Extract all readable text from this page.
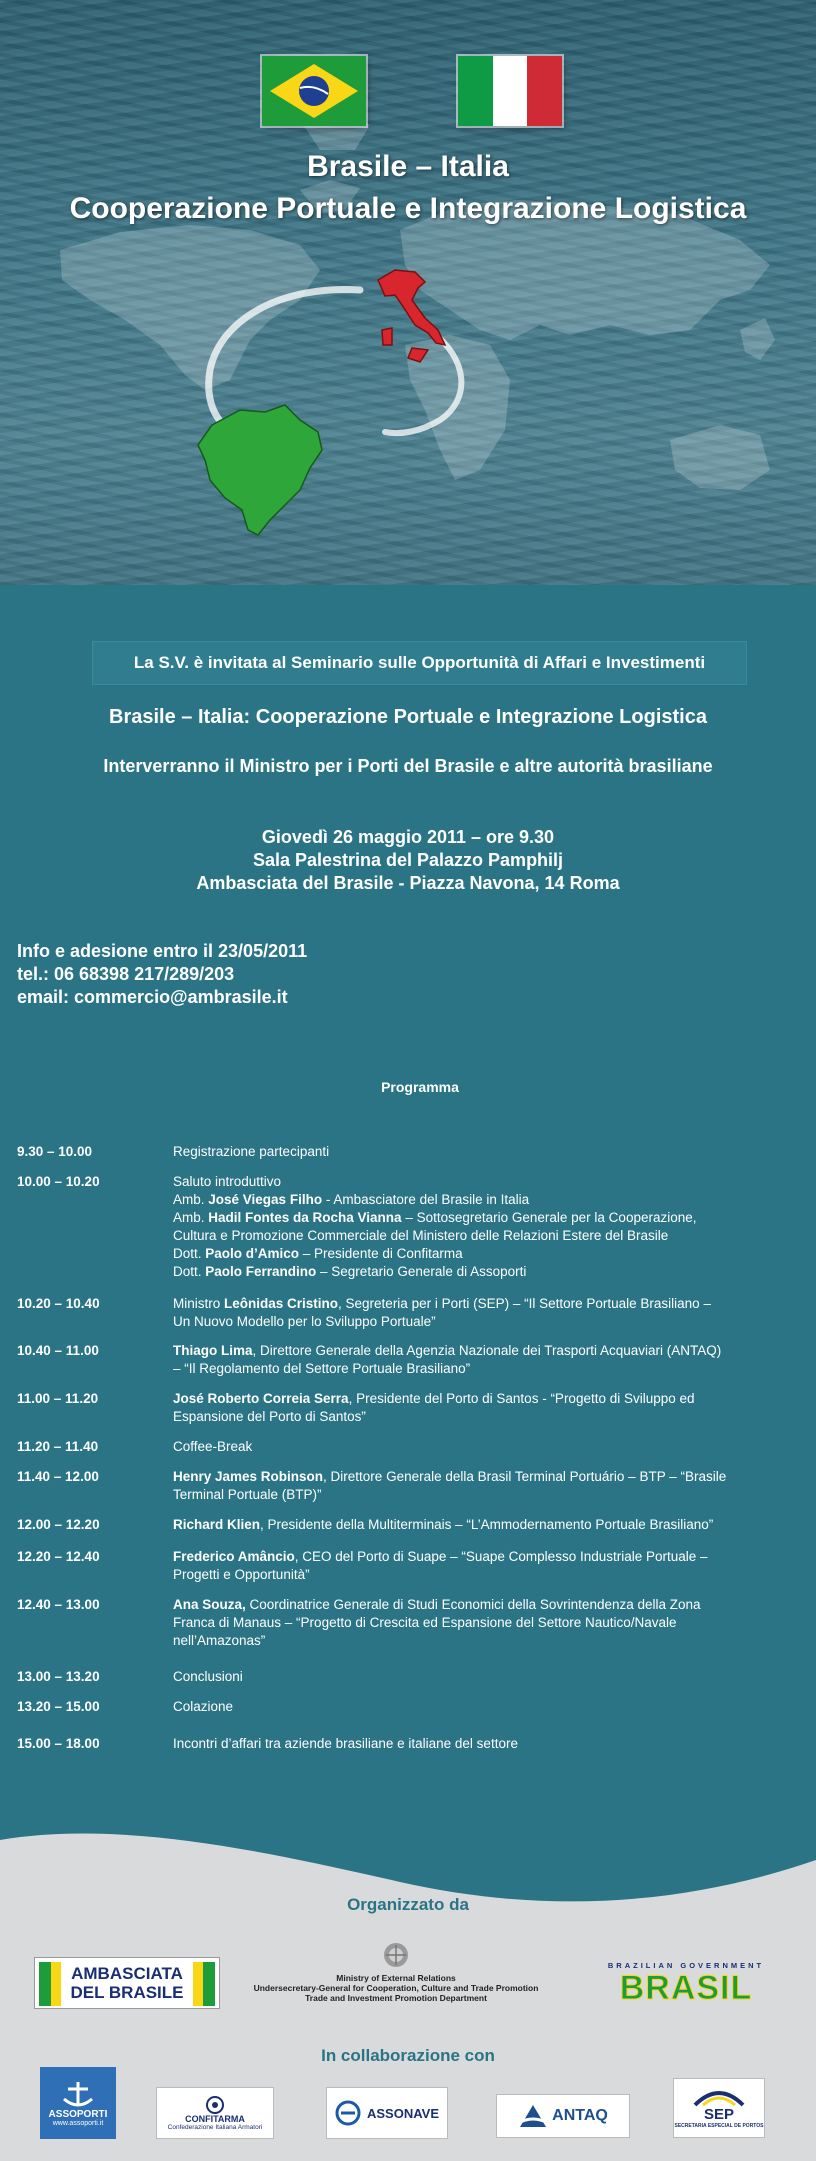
Brasile – Italia
Cooperazione Portuale e Integrazione Logistica
La S.V. è invitata al Seminario sulle Opportunità di Affari e Investimenti
Brasile – Italia: Cooperazione Portuale e Integrazione Logistica
Interverranno il Ministro per i Porti del Brasile e altre autorità brasiliane
Giovedì 26 maggio 2011 – ore 9.30
Sala Palestrina del Palazzo Pamphilj
Ambasciata del Brasile - Piazza Navona, 14 Roma
Info e adesione entro il 23/05/2011
tel.: 06 68398 217/289/203
email: commercio@ambrasile.it
Programma
9.30 – 10.00	Registrazione partecipanti
10.00 – 10.20	Saluto introduttivo
Amb. José Viegas Filho - Ambasciatore del Brasile in Italia
Amb. Hadil Fontes da Rocha Vianna – Sottosegretario Generale per la Cooperazione,
Cultura e Promozione Commerciale del Ministero delle Relazioni Estere del Brasile
Dott. Paolo d’Amico – Presidente di Confitarma
Dott. Paolo Ferrandino – Segretario Generale di Assoporti
10.20 – 10.40	Ministro Leônidas Cristino, Segreteria per i Porti (SEP) – “Il Settore Portuale Brasiliano –
Un Nuovo Modello per lo Sviluppo Portuale”
10.40 – 11.00	Thiago Lima, Direttore Generale della Agenzia Nazionale dei Trasporti Acquaviari (ANTAQ)
– “Il Regolamento del Settore Portuale Brasiliano”
11.00 – 11.20	José Roberto Correia Serra, Presidente del Porto di Santos - “Progetto di Sviluppo ed
Espansione del Porto di Santos”
11.20 – 11.40	Coffee-Break
11.40 – 12.00	Henry James Robinson, Direttore Generale della Brasil Terminal Portuário – BTP – “Brasile
Terminal Portuale (BTP)”
12.00 – 12.20	Richard Klien, Presidente della Multiterminais – “L’Ammodernamento Portuale Brasiliano”
12.20 – 12.40	Frederico Amâncio, CEO del Porto di Suape – “Suape Complesso Industriale Portuale –
Progetti e Opportunità”
12.40 – 13.00	Ana Souza, Coordinatrice Generale di Studi Economici della Sovrintendenza della Zona
Franca di Manaus – “Progetto di Crescita ed Espansione del Settore Nautico/Navale
nell’Amazonas”
13.00 – 13.20	Conclusioni
13.20 – 15.00	Colazione
15.00 – 18.00	Incontri d’affari tra aziende brasiliane e italiane del settore
Organizzato da
AMBASCIATA
DEL BRASILE
Ministry of External Relations
Undersecretary-General for Cooperation, Culture and Trade Promotion
Trade and Investment Promotion Department
BRAZILIAN GOVERNMENT
BRASIL
In collaborazione con
ASSOPORTI
www.assoporti.it	CONFITARMA
Confederazione Italiana Armatori
ASSONAVE	ANTAQ	SEP
SECRETARIA ESPECIAL DE PORTOS
